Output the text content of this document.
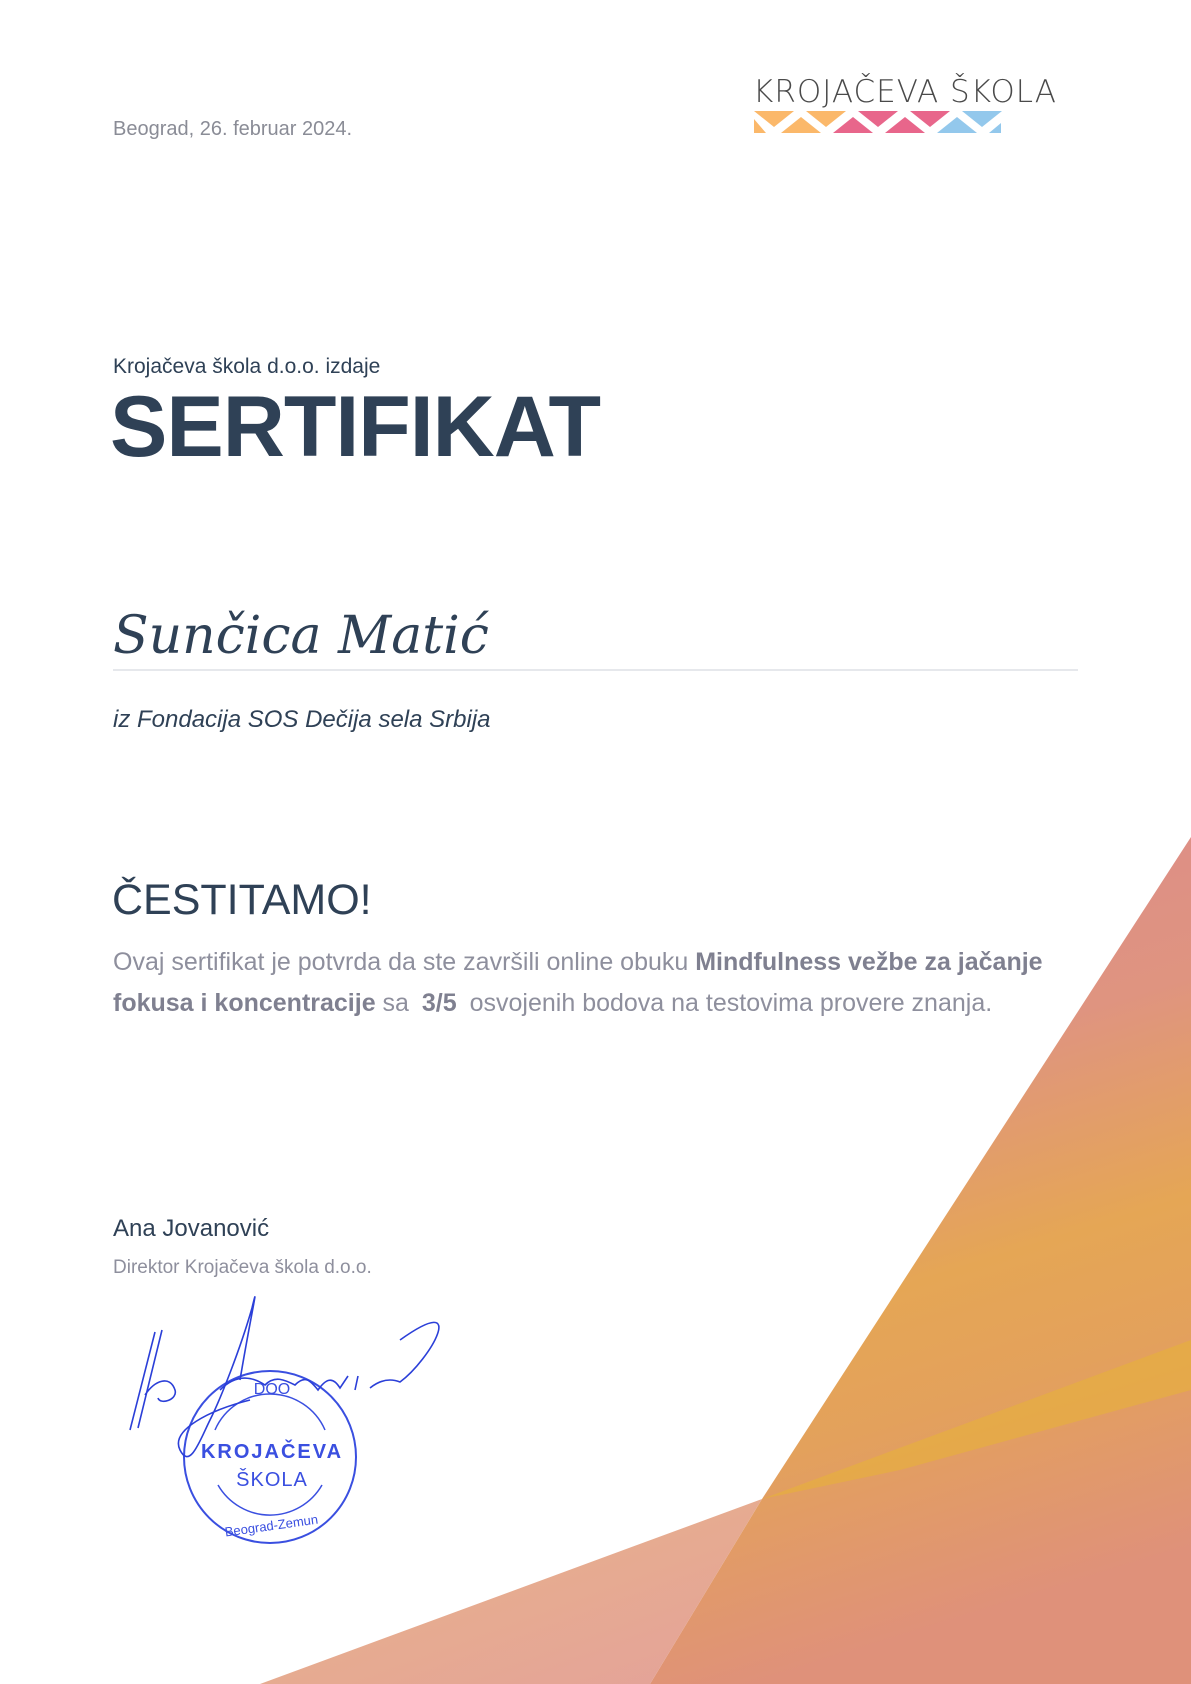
Beograd, 26. februar 2024.
KROJAČEVA ŠKOLA
Krojačeva škola d.o.o. izdaje
SERTIFIKAT
Sunčica Matić
iz Fondacija SOS Dečija sela Srbija
ČESTITAMO!
Ovaj sertifikat je potvrda da ste završili online obuku Mindfulness vežbe za jačanje fokusa i koncentracije sa 3/5 osvojenih bodova na testovima provere znanja.
Ana Jovanović
Direktor Krojačeva škola d.o.o.
KROJAČEVA
ŠKOLA
Beograd-Zemun
DOO
